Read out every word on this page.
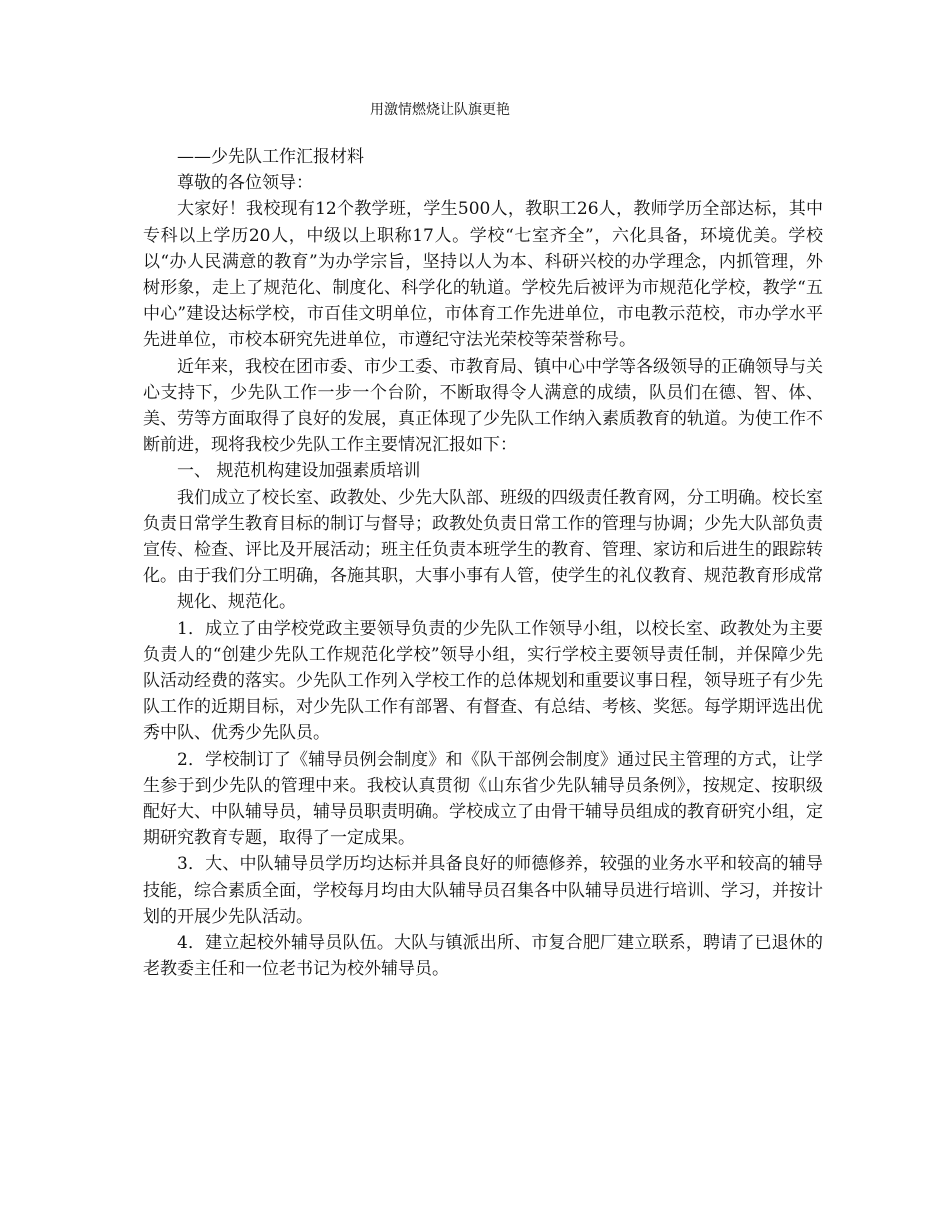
用激情燃烧让队旗更艳

——少先队工作汇报材料

尊敬的各位领导：

大家好！我校现有12个教学班，学生500人，教职工26人，教师学历全部达标，其中专科以上学历20人，中级以上职称17人。学校“七室齐全”，六化具备，环境优美。学校以“办人民满意的教育”为办学宗旨，坚持以人为本、科研兴校的办学理念，内抓管理，外树形象，走上了规范化、制度化、科学化的轨道。学校先后被评为市规范化学校，教学“五中心”建设达标学校，市百佳文明单位，市体育工作先进单位，市电教示范校，市办学水平先进单位，市校本研究先进单位，市遵纪守法光荣校等荣誉称号。

近年来，我校在团市委、市少工委、市教育局、镇中心中学等各级领导的正确领导与关心支持下，少先队工作一步一个台阶，不断取得令人满意的成绩，队员们在德、智、体、美、劳等方面取得了良好的发展，真正体现了少先队工作纳入素质教育的轨道。为使工作不断前进，现将我校少先队工作主要情况汇报如下：

一、 规范机构建设加强素质培训

我们成立了校长室、政教处、少先大队部、班级的四级责任教育网，分工明确。校长室负责日常学生教育目标的制订与督导；政教处负责日常工作的管理与协调；少先大队部负责宣传、检查、评比及开展活动；班主任负责本班学生的教育、管理、家访和后进生的跟踪转化。由于我们分工明确，各施其职，大事小事有人管，使学生的礼仪教育、规范教育形成常

规化、规范化。

1．成立了由学校党政主要领导负责的少先队工作领导小组，以校长室、政教处为主要负责人的“创建少先队工作规范化学校”领导小组，实行学校主要领导责任制，并保障少先队活动经费的落实。少先队工作列入学校工作的总体规划和重要议事日程，领导班子有少先队工作的近期目标，对少先队工作有部署、有督查、有总结、考核、奖惩。每学期评选出优秀中队、优秀少先队员。

2．学校制订了《辅导员例会制度》和《队干部例会制度》通过民主管理的方式，让学生参于到少先队的管理中来。我校认真贯彻《山东省少先队辅导员条例》，按规定、按职级配好大、中队辅导员，辅导员职责明确。学校成立了由骨干辅导员组成的教育研究小组，定期研究教育专题，取得了一定成果。

3．大、中队辅导员学历均达标并具备良好的师德修养，较强的业务水平和较高的辅导技能，综合素质全面，学校每月均由大队辅导员召集各中队辅导员进行培训、学习，并按计划的开展少先队活动。

4．建立起校外辅导员队伍。大队与镇派出所、市复合肥厂建立联系，聘请了已退休的老教委主任和一位老书记为校外辅导员。
